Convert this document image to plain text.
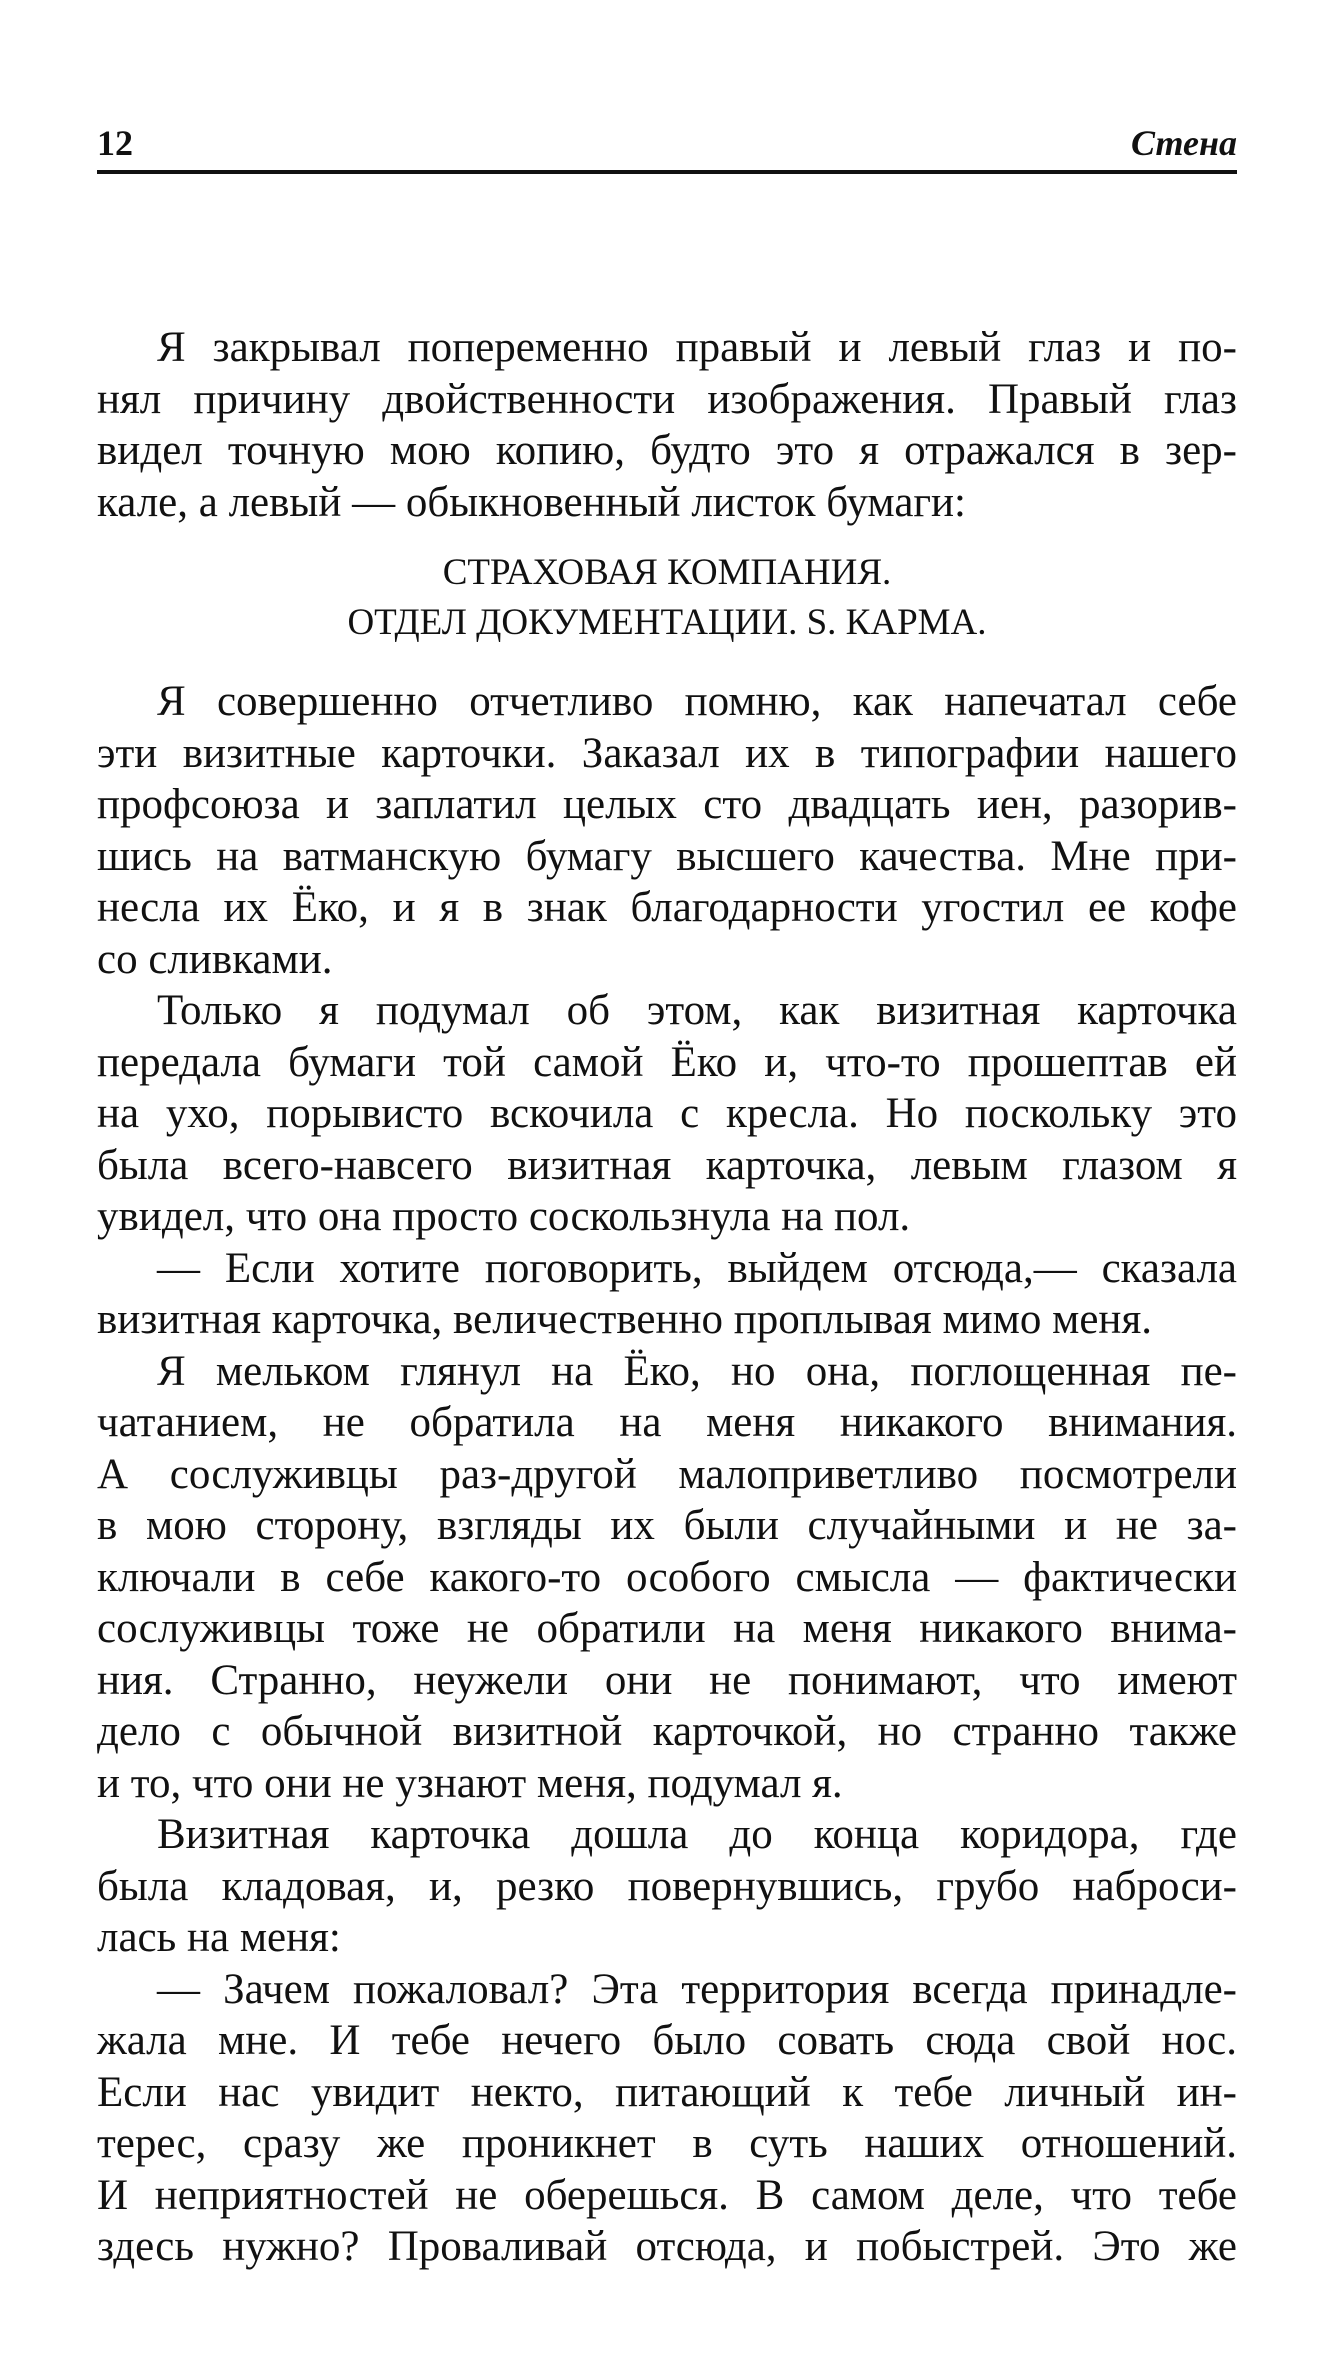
12	Стена
Я закрывал попеременно правый и левый глаз и по-
нял причину двойственности изображения. Правый глаз
видел точную мою копию, будто это я отражался в зер-
кале, а левый — обыкновенный листок бумаги:
СТРАХОВАЯ КОМПАНИЯ.
ОТДЕЛ ДОКУМЕНТАЦИИ. S. КАРМА.
Я совершенно отчетливо помню, как напечатал себе
эти визитные карточки. Заказал их в типографии нашего
профсоюза и заплатил целых сто двадцать иен, разорив-
шись на ватманскую бумагу высшего качества. Мне при-
несла их Ёко, и я в знак благодарности угостил ее кофе
со сливками.
Только я подумал об этом, как визитная карточка
передала бумаги той самой Ёко и, что-то прошептав ей
на ухо, порывисто вскочила с кресла. Но поскольку это
была всего-навсего визитная карточка, левым глазом я
увидел, что она просто соскользнула на пол.
— Если хотите поговорить, выйдем отсюда,— сказала
визитная карточка, величественно проплывая мимо меня.
Я мельком глянул на Ёко, но она, поглощенная пе-
чатанием, не обратила на меня никакого внимания.
А сослуживцы раз-другой малоприветливо посмотрели
в мою сторону, взгляды их были случайными и не за-
ключали в себе какого-то особого смысла — фактически
сослуживцы тоже не обратили на меня никакого внима-
ния. Странно, неужели они не понимают, что имеют
дело с обычной визитной карточкой, но странно также
и то, что они не узнают меня, подумал я.
Визитная карточка дошла до конца коридора, где
была кладовая, и, резко повернувшись, грубо наброси-
лась на меня:
— Зачем пожаловал? Эта территория всегда принадле-
жала мне. И тебе нечего было совать сюда свой нос.
Если нас увидит некто, питающий к тебе личный ин-
терес, сразу же проникнет в суть наших отношений.
И неприятностей не оберешься. В самом деле, что тебе
здесь нужно? Проваливай отсюда, и побыстрей. Это же
